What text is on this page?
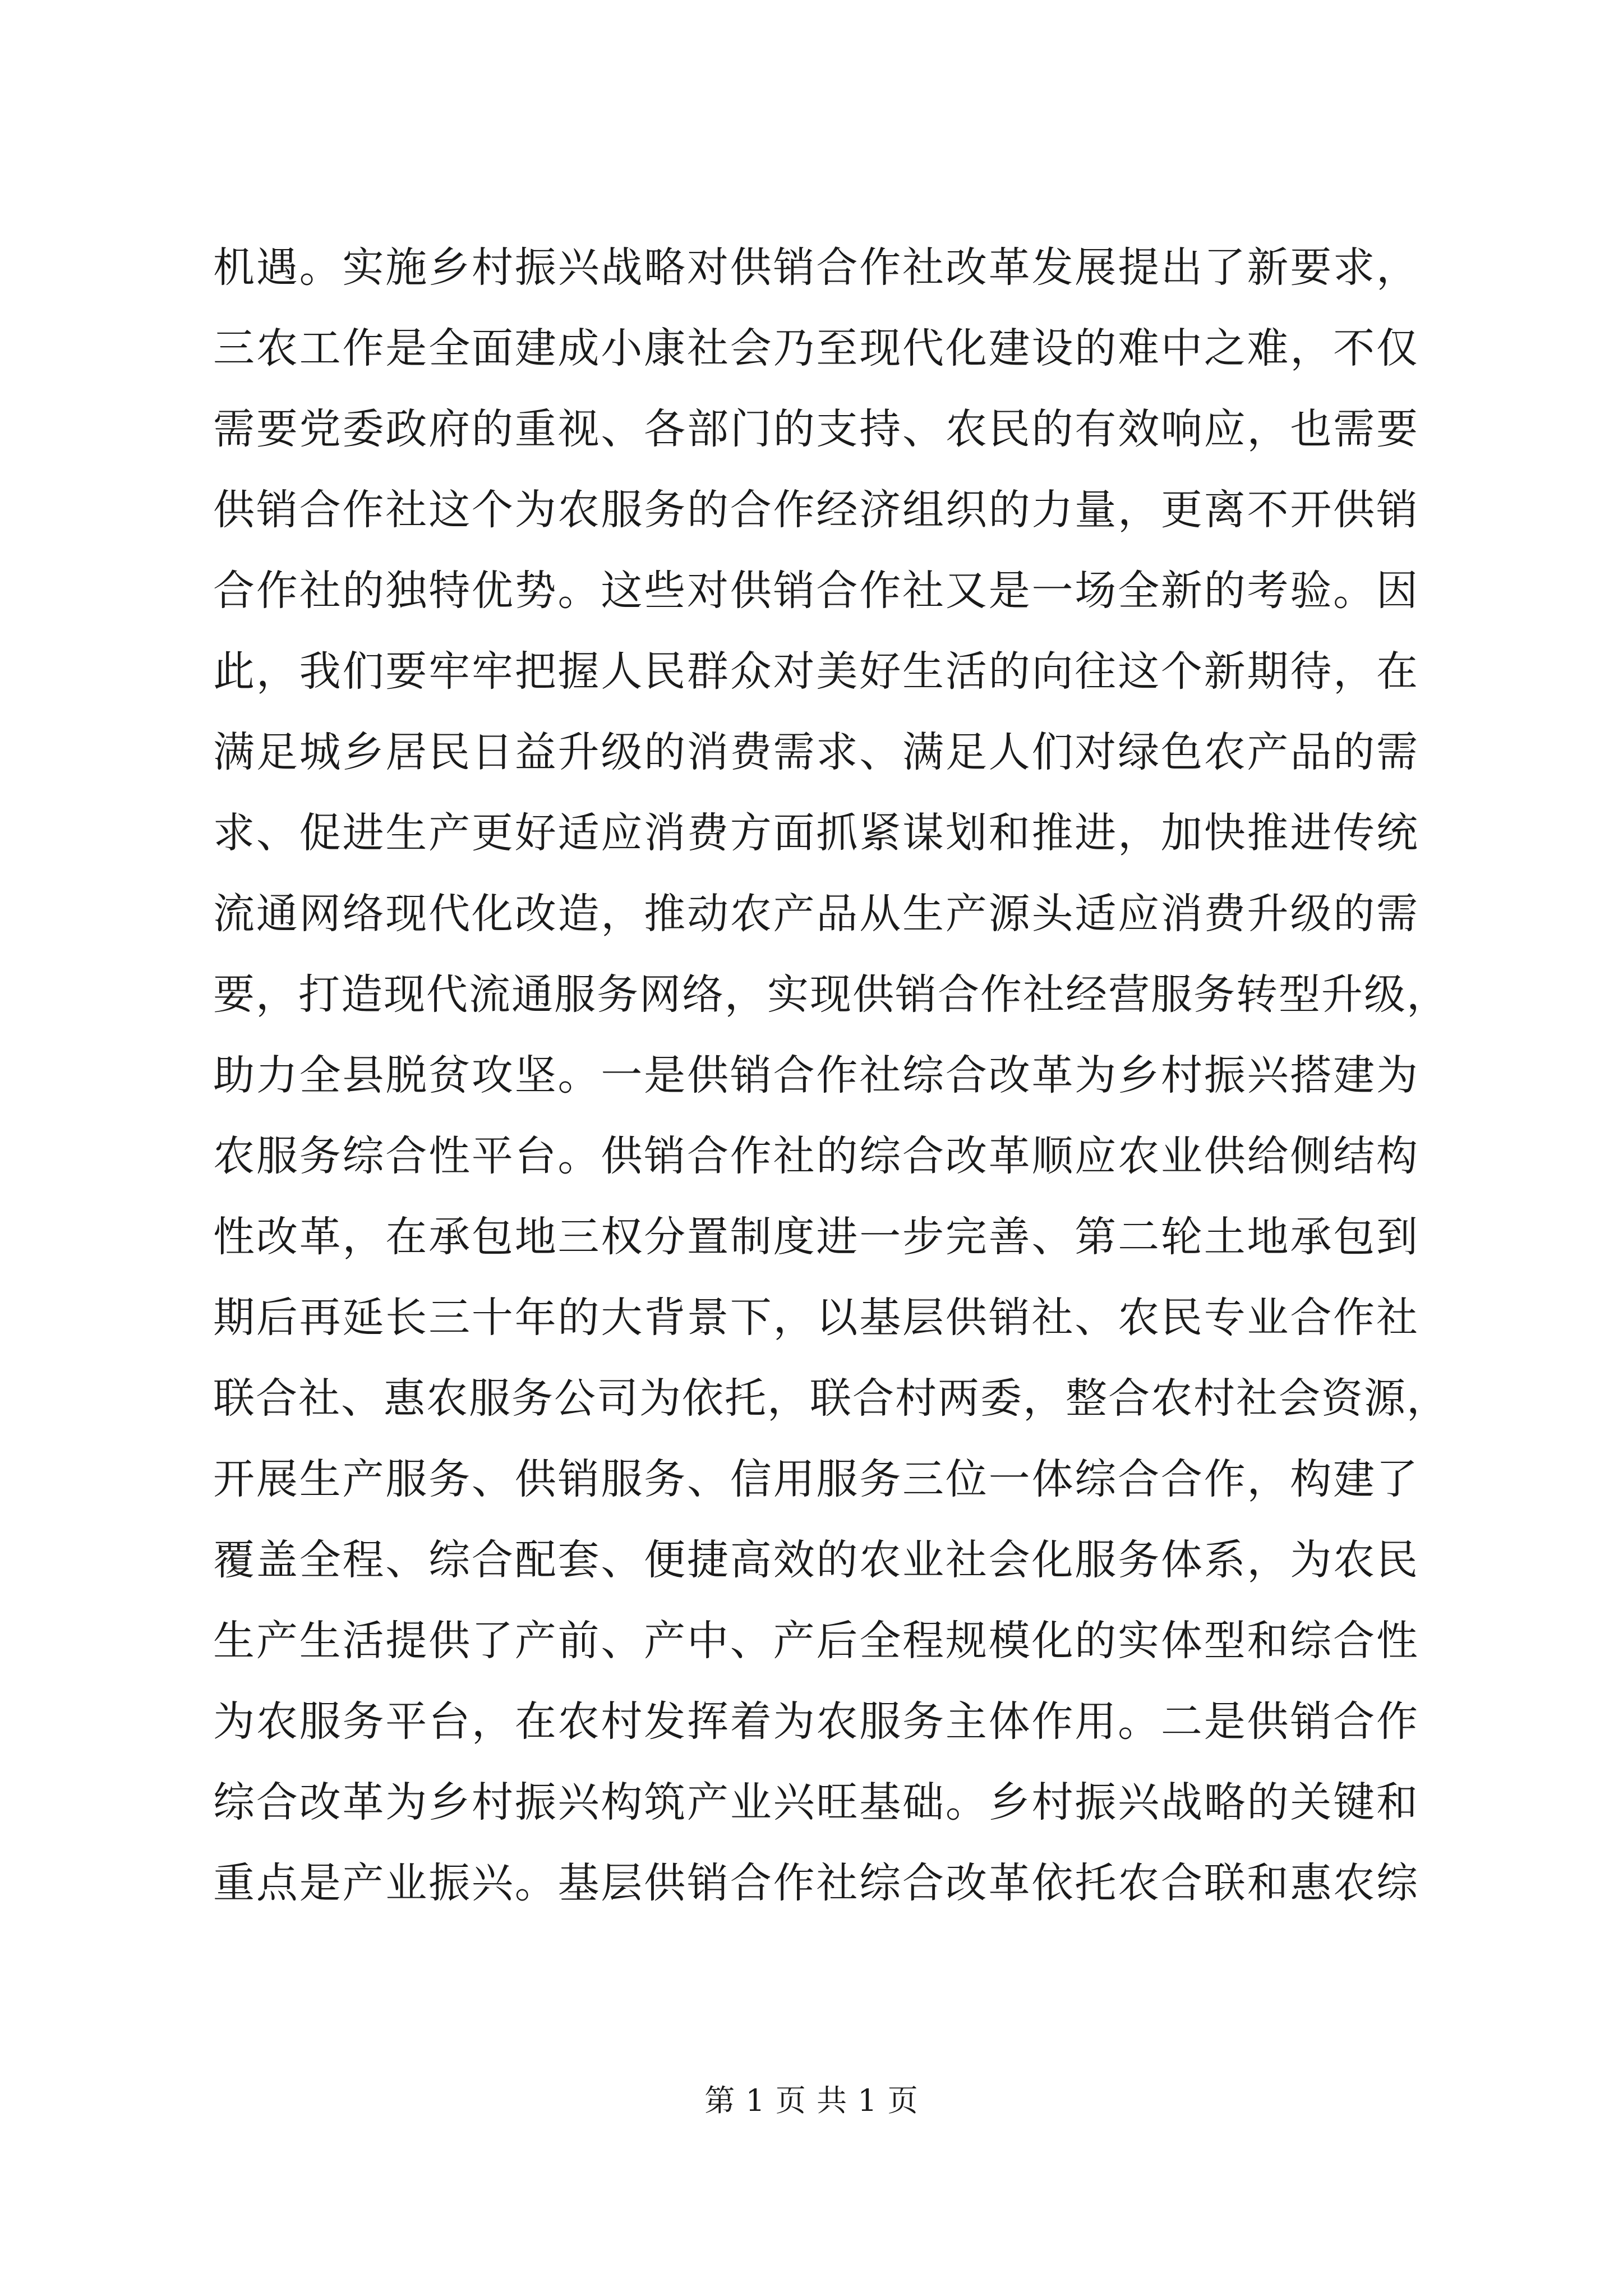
机遇。实施乡村振兴战略对供销合作社改革发展提出了新要求，
三农工作是全面建成小康社会乃至现代化建设的难中之难，不仅
需要党委政府的重视、各部门的支持、农民的有效响应，也需要
供销合作社这个为农服务的合作经济组织的力量，更离不开供销
合作社的独特优势。这些对供销合作社又是一场全新的考验。因
此，我们要牢牢把握人民群众对美好生活的向往这个新期待，在
满足城乡居民日益升级的消费需求、满足人们对绿色农产品的需
求、促进生产更好适应消费方面抓紧谋划和推进，加快推进传统
流通网络现代化改造，推动农产品从生产源头适应消费升级的需
要，打造现代流通服务网络，实现供销合作社经营服务转型升级，
助力全县脱贫攻坚。一是供销合作社综合改革为乡村振兴搭建为
农服务综合性平台。供销合作社的综合改革顺应农业供给侧结构
性改革，在承包地三权分置制度进一步完善、第二轮土地承包到
期后再延长三十年的大背景下，以基层供销社、农民专业合作社
联合社、惠农服务公司为依托，联合村两委，整合农村社会资源，
开展生产服务、供销服务、信用服务三位一体综合合作，构建了
覆盖全程、综合配套、便捷高效的农业社会化服务体系，为农民
生产生活提供了产前、产中、产后全程规模化的实体型和综合性
为农服务平台，在农村发挥着为农服务主体作用。二是供销合作
综合改革为乡村振兴构筑产业兴旺基础。乡村振兴战略的关键和
重点是产业振兴。基层供销合作社综合改革依托农合联和惠农综
第 1 页 共 1 页
